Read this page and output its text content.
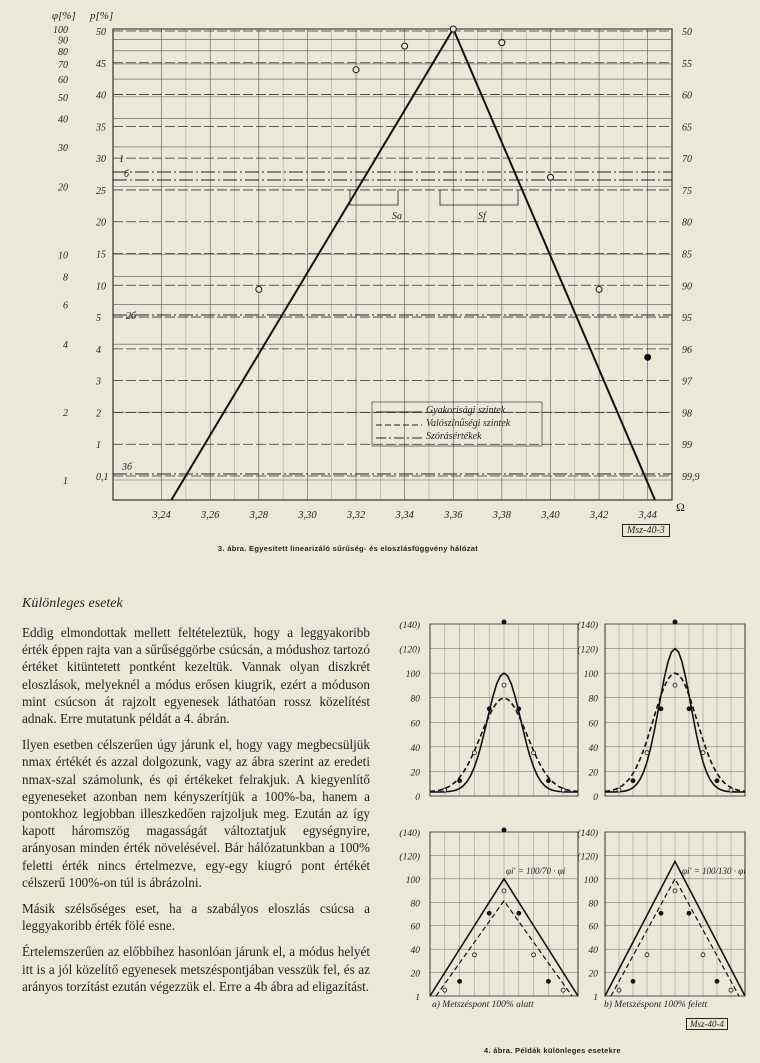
3,24	3,26	3,28	3,30	3,32	3,34	3,36	3,38	3,40	3,42	3,44
100
90
80
70
60
50
40
30
20
10
8
6
4
2
1
50	50
45	55
40	60
35	65
30	70
25	75
20	80
15	85
10	90
5	95
4	96
3	97
2	98
1	99
0,1	99,9
1
б
2б
3б
Sa	Sf
φ[%] p[%]
Ω
Msz-40-3
3. ábra. Egyesített linearizáló sűrűség- és eloszlásfüggvény hálózat
Gyakorisági szintek
Valószínűségi szintek
Szórásértékek
Különleges esetek

Eddig elmondottak mellett feltételeztük, hogy a leggyakoribb érték éppen rajta van a sűrűséggörbe csúcsán, a módushoz tartozó értéket kitüntetett pontként kezeltük. Vannak olyan diszkrét eloszlások, melyeknél a módus erősen kiugrik, ezért a móduson mint csúcson át rajzolt egyenesek láthatóan rossz közelítést adnak. Erre mutatunk példát a 4. ábrán.

Ilyen esetben célszerűen úgy járunk el, hogy vagy megbecsüljük nmax értékét és azzal dolgozunk, vagy az ábra szerint az eredeti nmax-szal számolunk, és φi értékeket felrakjuk. A kiegyenlítő egyeneseket azonban nem kényszerítjük a 100%-ba, hanem a pontokhoz legjobban illeszkedően rajzoljuk meg. Ezután az így kapott háromszög magasságát változtatjuk egységnyire, arányosan minden érték növelésével. Bár hálózatunkban a 100% feletti érték nincs értelmezve, egy-egy kiugró pont értékét célszerű 100%-on túl is ábrázolni.

Másik szélsőséges eset, ha a szabályos eloszlás csúcsa a leggyakoribb érték fölé esne.

Értelemszerűen az előbbihez hasonlóan járunk el, a módus helyét itt is a jól közelítő egyenesek metszéspontjában vesszük fel, és az arányos torzítást ezután végezzük el. Erre a 4b ábra ad eligazítást.

(140)
(120)
100
80
60
40
20
0
(140)
(120)
100
80
60
40
20
0
(140)
(120)
100
80
60
40
20
1
(140)
(120)
100
80
60
40
20
1
a) Metszéspont 100% alatt	b) Metszéspont 100% felett
φi' = 100/70 · φi	φi' = 100/130 · φi
Msz-40-4
4. ábra. Példák különleges esetekre
